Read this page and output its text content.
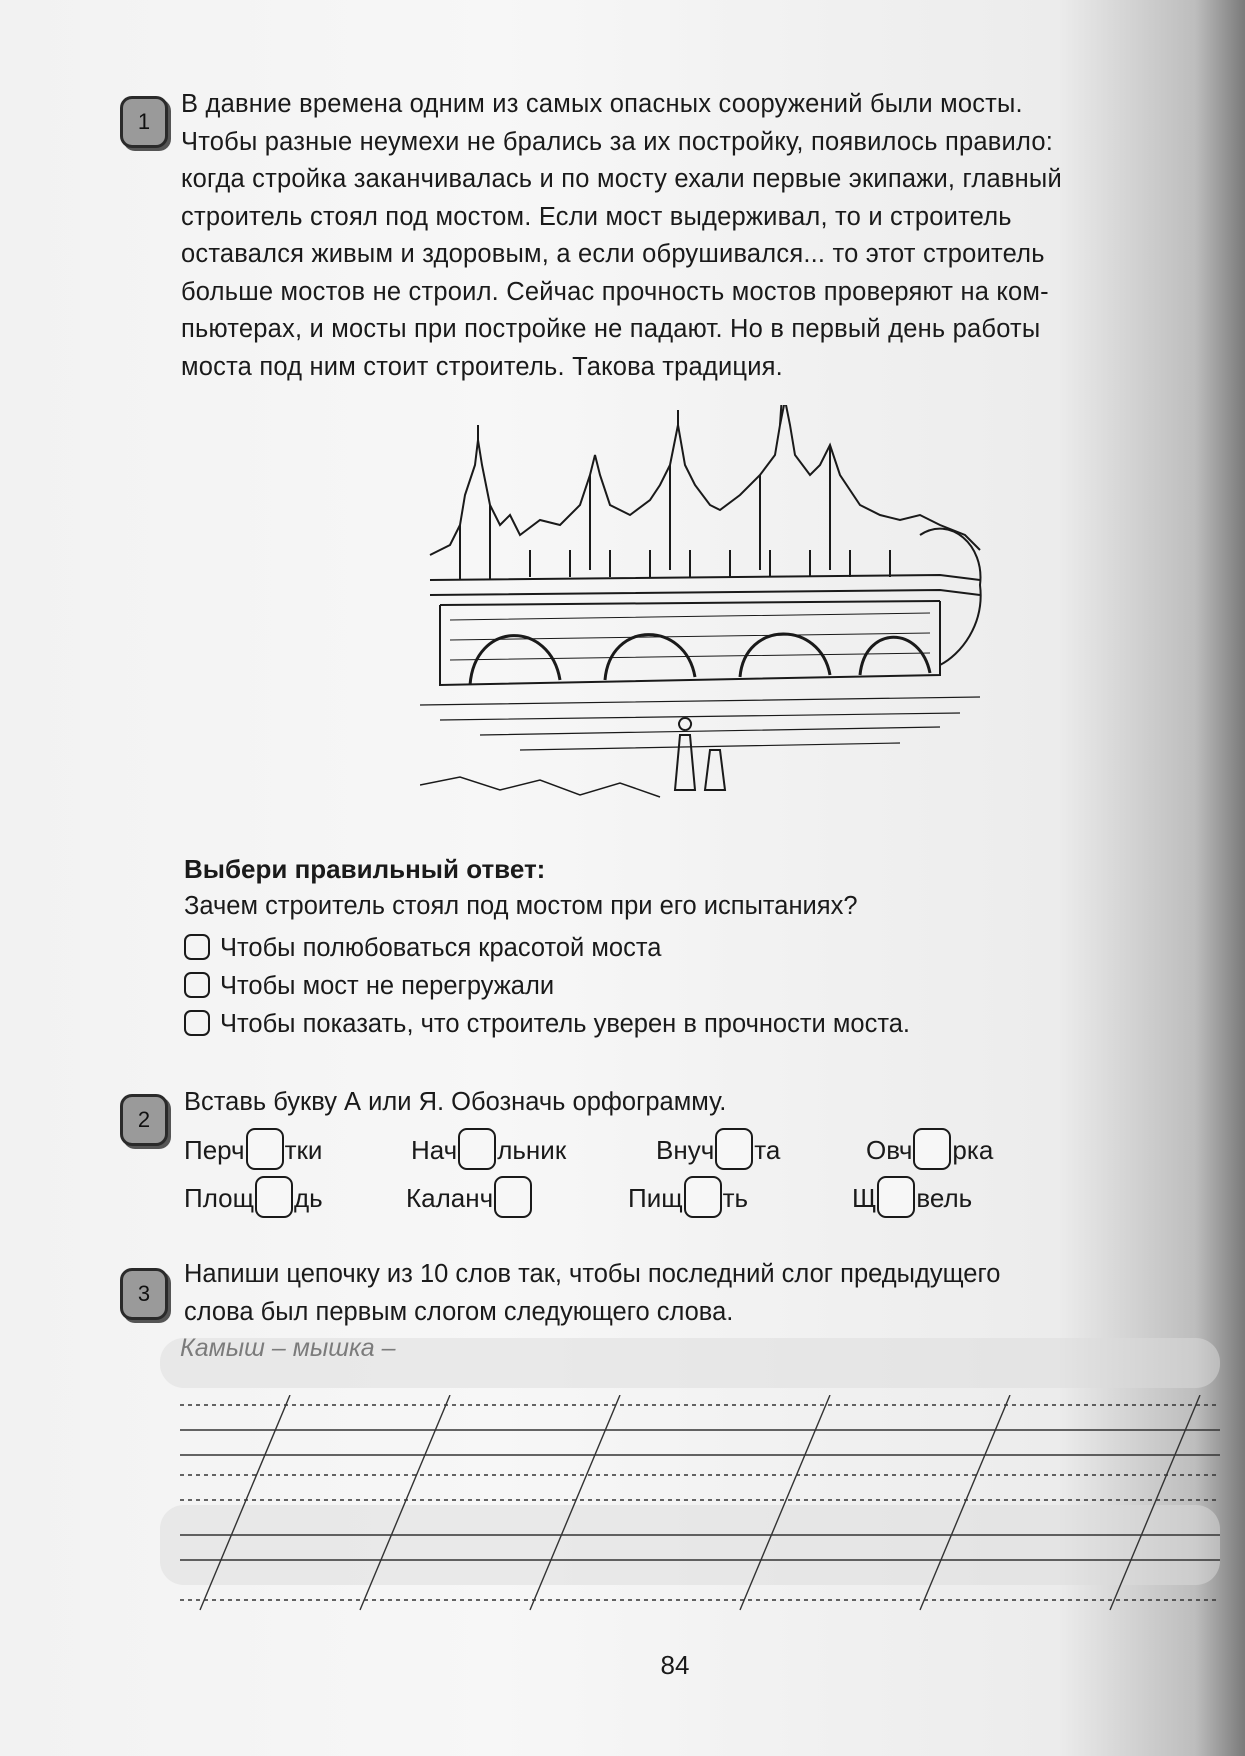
1
В давние времена одним из самых опасных сооружений были мосты.
Чтобы разные неумехи не брались за их постройку, появилось правило:
когда стройка заканчивалась и по мосту ехали первые экипажи, главный
строитель стоял под мостом. Если мост выдерживал, то и строитель
оставался живым и здоровым, а если обрушивался... то этот строитель
больше мостов не строил. Сейчас прочность мостов проверяют на ком-
пьютерах, и мосты при постройке не падают. Но в первый день работы
моста под ним стоит строитель. Такова традиция.
Выбери правильный ответ:
Зачем строитель стоял под мостом при его испытаниях?
Чтобы полюбоваться красотой моста
Чтобы мост не перегружали
Чтобы показать, что строитель уверен в прочности моста.
2
Вставь букву А или Я. Обозначь орфограмму.
Перч тки	Нач льник	Внуч та	Овч рка
Площ дь	Каланч	Пищ ть	Щ вель
3
Напиши цепочку из 10 слов так, чтобы последний слог предыдущего
слова был первым слогом следующего слова.
84
